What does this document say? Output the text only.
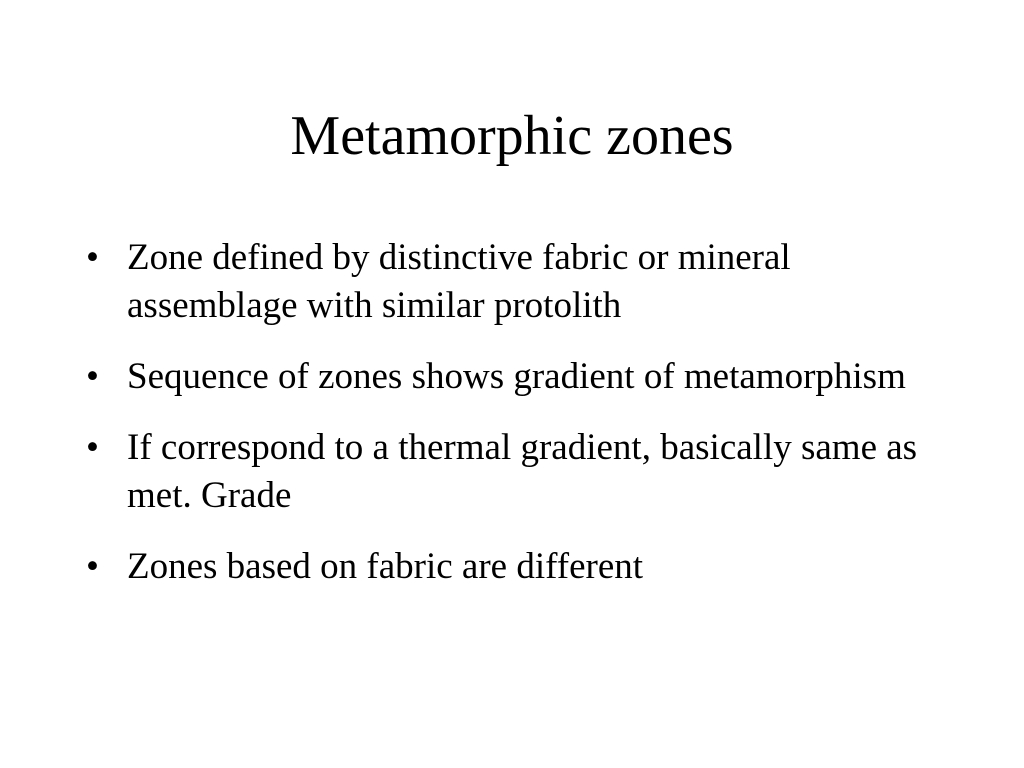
Metamorphic zones
• Zone defined by distinctive fabric or mineral assemblage with similar protolith
• Sequence of zones shows gradient of metamorphism
• If correspond to a thermal gradient, basically same as met. Grade
• Zones based on fabric are different
